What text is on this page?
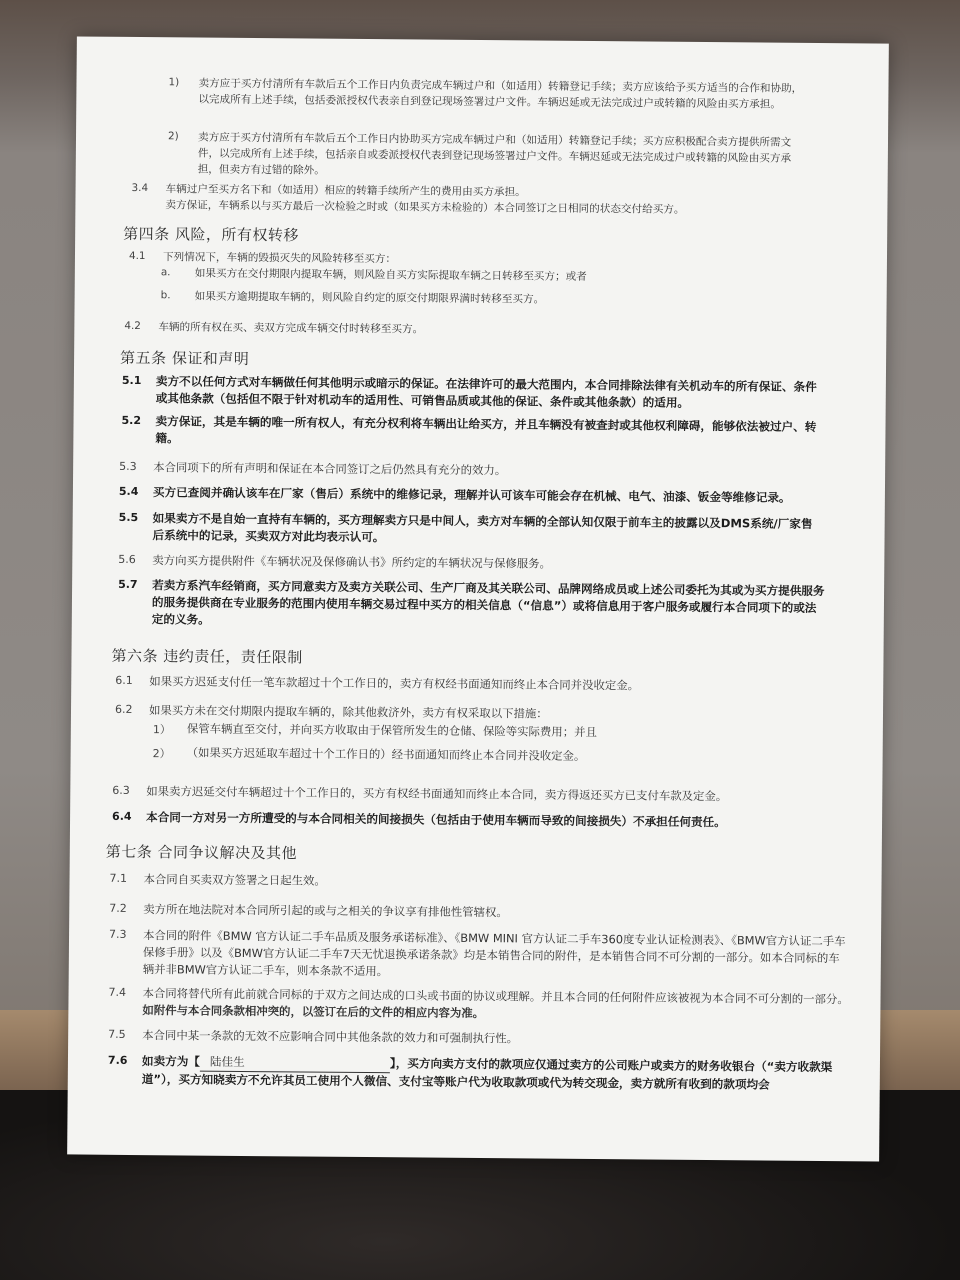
1)	卖方应于买方付清所有车款后五个工作日内负责完成车辆过户和（如适用）转籍登记手续；卖方应该给予买方适当的合作和协助，以完成所有上述手续，包括委派授权代表亲自到登记现场签署过户文件。车辆迟延或无法完成过户或转籍的风险由买方承担。
2)	卖方应于买方付清所有车款后五个工作日内协助买方完成车辆过户和（如适用）转籍登记手续；买方应积极配合卖方提供所需文件，以完成所有上述手续，包括亲自或委派授权代表到登记现场签署过户文件。车辆迟延或无法完成过户或转籍的风险由买方承担，但卖方有过错的除外。
3.4	车辆过户至买方名下和（如适用）相应的转籍手续所产生的费用由买方承担。
卖方保证，车辆系以与买方最后一次检验之时或（如果买方未检验的）本合同签订之日相同的状态交付给买方。
第四条 风险，所有权转移
4.1	下列情况下，车辆的毁损灭失的风险转移至买方：
a.	如果买方在交付期限内提取车辆，则风险自买方实际提取车辆之日转移至买方；或者
b.	如果买方逾期提取车辆的，则风险自约定的原交付期限界满时转移至买方。
4.2	车辆的所有权在买、卖双方完成车辆交付时转移至买方。
第五条 保证和声明
5.1	卖方不以任何方式对车辆做任何其他明示或暗示的保证。在法律许可的最大范围内，本合同排除法律有关机动车的所有保证、条件或其他条款（包括但不限于针对机动车的适用性、可销售品质或其他的保证、条件或其他条款）的适用。
5.2	卖方保证，其是车辆的唯一所有权人，有充分权利将车辆出让给买方，并且车辆没有被查封或其他权利障碍，能够依法被过户、转籍。
5.3	本合同项下的所有声明和保证在本合同签订之后仍然具有充分的效力。
5.4	买方已查阅并确认该车在厂家（售后）系统中的维修记录，理解并认可该车可能会存在机械、电气、油漆、钣金等维修记录。
5.5	如果卖方不是自始一直持有车辆的，买方理解卖方只是中间人，卖方对车辆的全部认知仅限于前车主的披露以及DMS系统/厂家售后系统中的记录，买卖双方对此均表示认可。
5.6	卖方向买方提供附件《车辆状况及保修确认书》所约定的车辆状况与保修服务。
5.7	若卖方系汽车经销商，买方同意卖方及卖方关联公司、生产厂商及其关联公司、品牌网络成员或上述公司委托为其或为买方提供服务的服务提供商在专业服务的范围内使用车辆交易过程中买方的相关信息（“信息”）或将信息用于客户服务或履行本合同项下的或法定的义务。
第六条 违约责任，责任限制
6.1	如果买方迟延支付任一笔车款超过十个工作日的，卖方有权经书面通知而终止本合同并没收定金。
6.2	如果买方未在交付期限内提取车辆的，除其他救济外，卖方有权采取以下措施：
1）	保管车辆直至交付，并向买方收取由于保管所发生的仓储、保险等实际费用；并且
2）	（如果买方迟延取车超过十个工作日的）经书面通知而终止本合同并没收定金。
6.3	如果卖方迟延交付车辆超过十个工作日的，买方有权经书面通知而终止本合同，卖方得返还买方已支付车款及定金。
6.4	本合同一方对另一方所遭受的与本合同相关的间接损失（包括由于使用车辆而导致的间接损失）不承担任何责任。
第七条 合同争议解决及其他
7.1	本合同自买卖双方签署之日起生效。
7.2	卖方所在地法院对本合同所引起的或与之相关的争议享有排他性管辖权。
7.3	本合同的附件《BMW 官方认证二手车品质及服务承诺标准》、《BMW MINI 官方认证二手车360度专业认证检测表》、《BMW官方认证二手车保修手册》以及《BMW官方认证二手车7天无忧退换承诺条款》均是本销售合同的附件，是本销售合同不可分割的一部分。如本合同标的车辆并非BMW官方认证二手车，则本条款不适用。
7.4	本合同将替代所有此前就合同标的于双方之间达成的口头或书面的协议或理解。并且本合同的任何附件应该被视为本合同不可分割的一部分。如附件与本合同条款相冲突的，以签订在后的文件的相应内容为准。
7.5	本合同中某一条款的无效不应影响合同中其他条款的效力和可强制执行性。
7.6	如卖方为【 陆佳生	】，买方向卖方支付的款项应仅通过卖方的公司账户或卖方的财务收银台（“卖方收款渠道”），买方知晓卖方不允许其员工使用个人微信、支付宝等账户代为收取款项或代为转交现金，卖方就所有收到的款项均会
